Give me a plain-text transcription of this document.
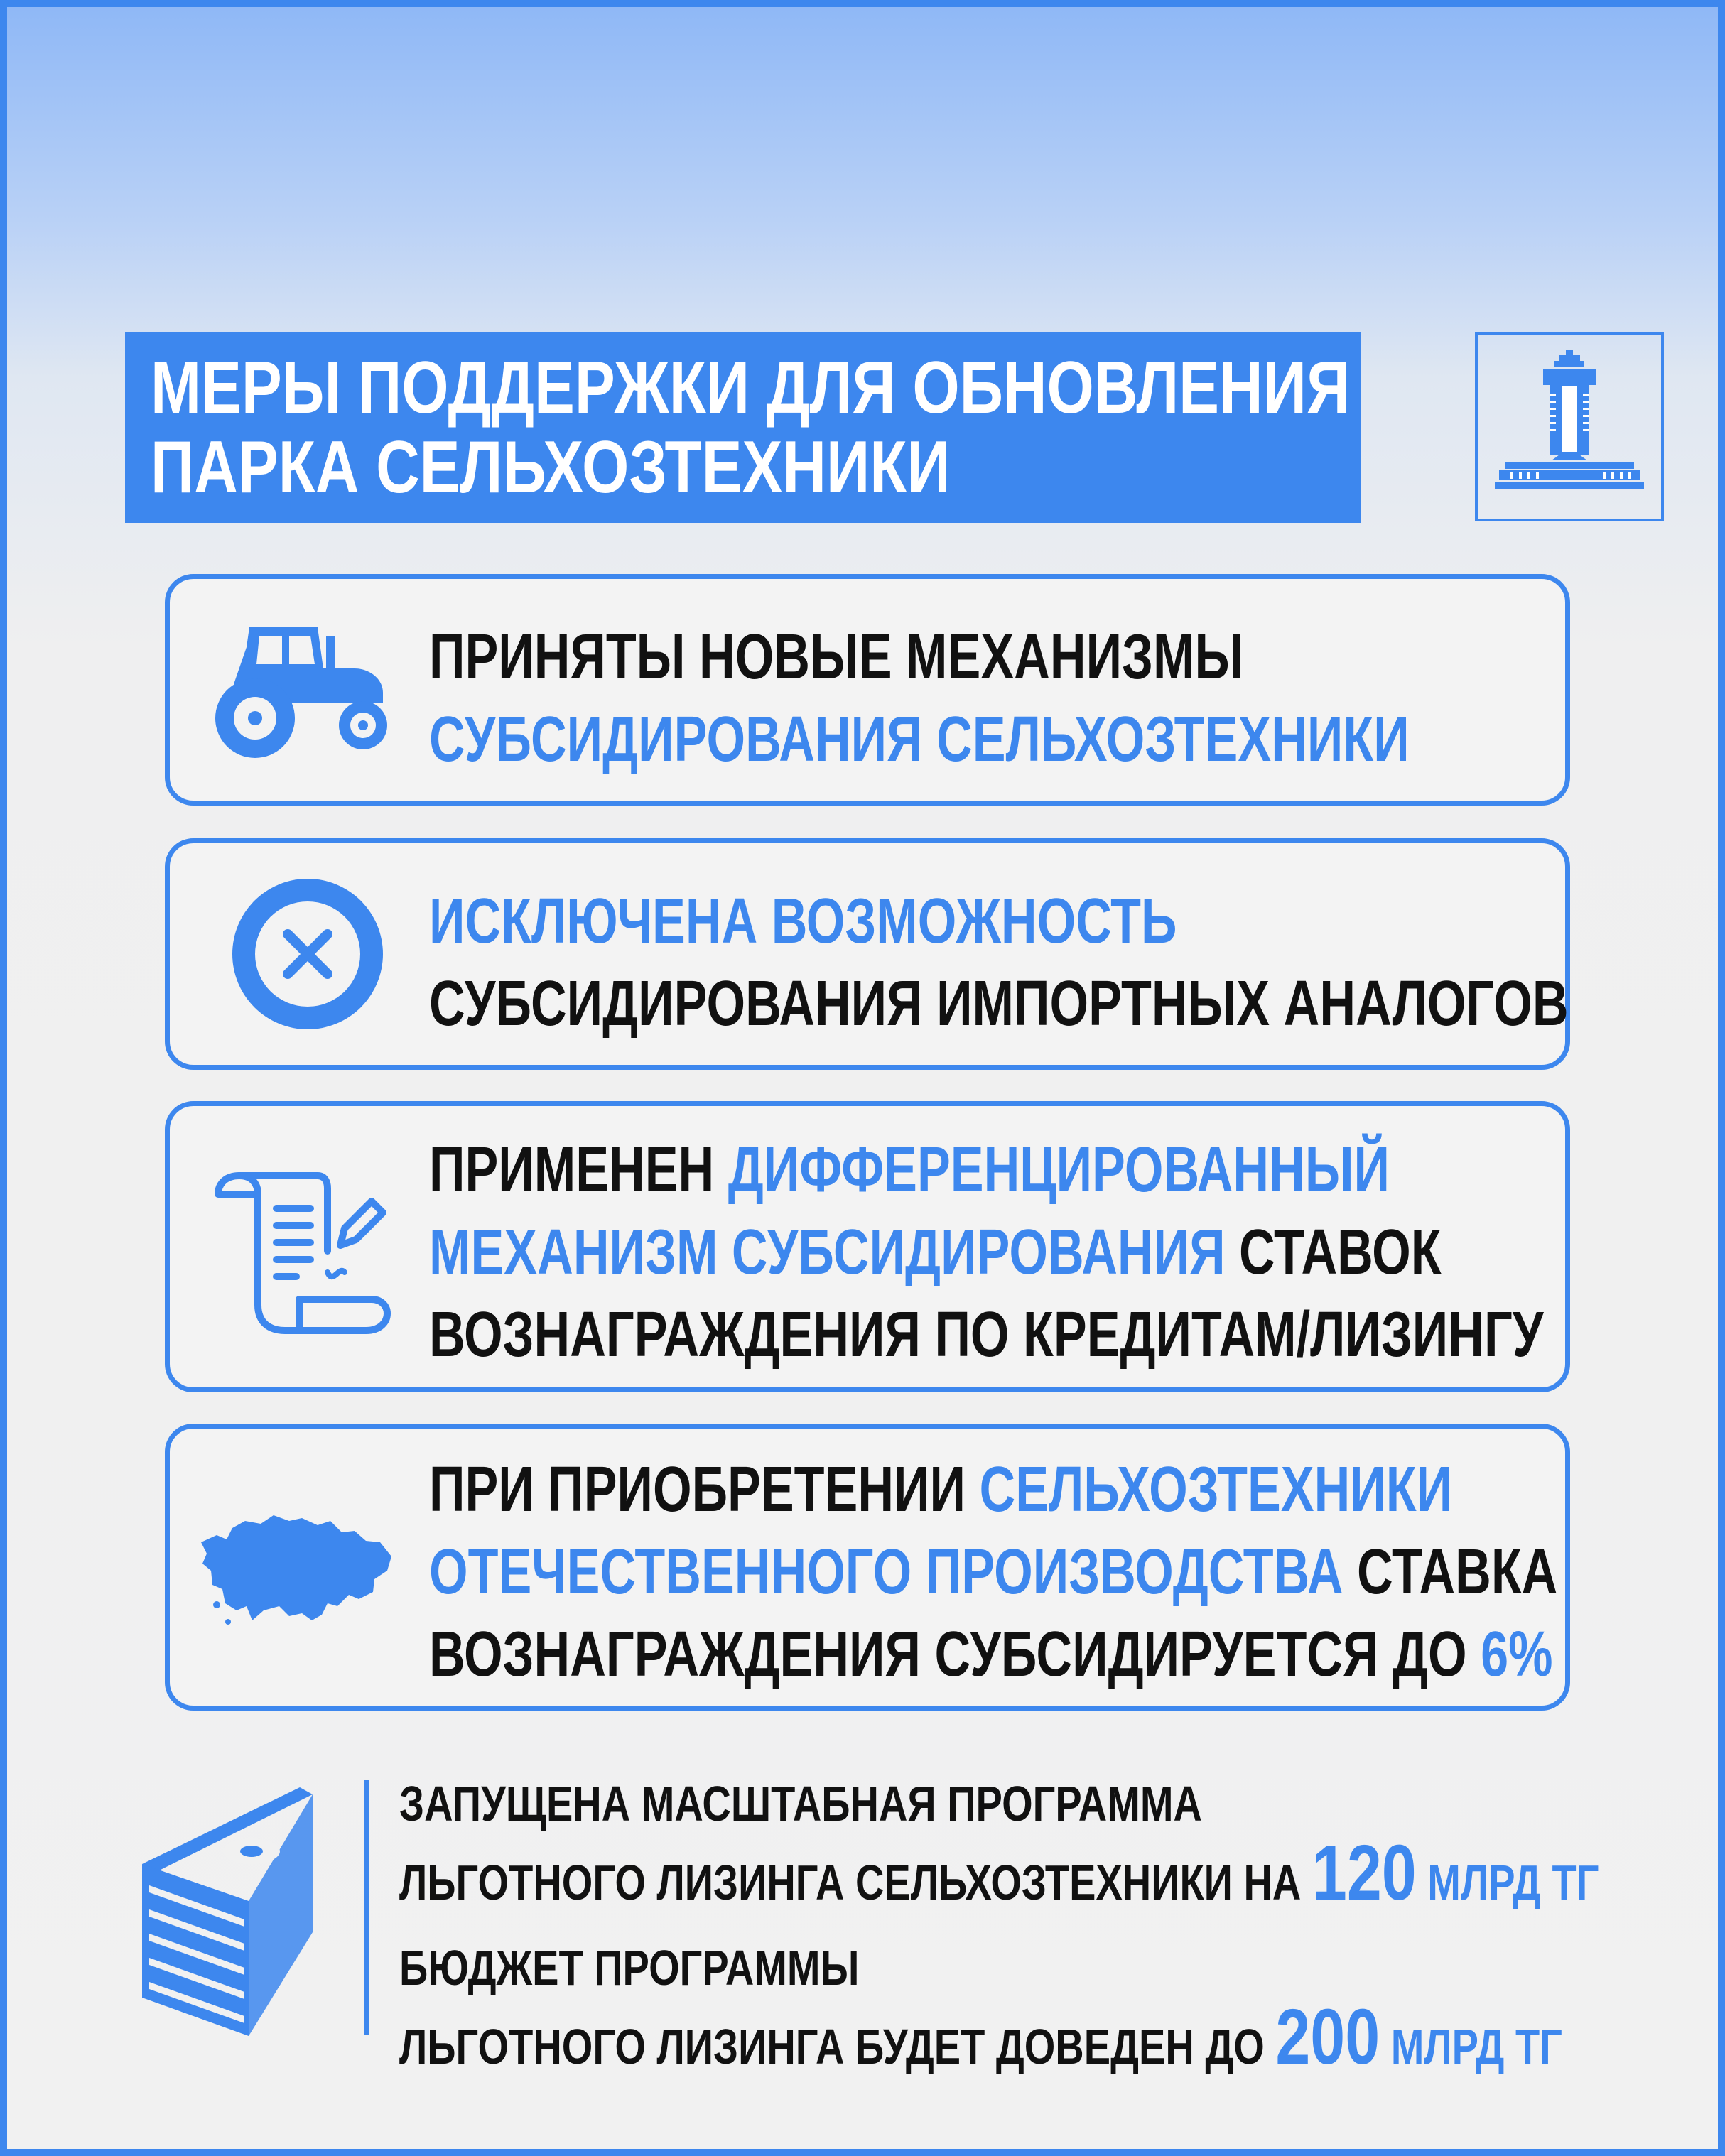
МЕРЫ ПОДДЕРЖКИ ДЛЯ ОБНОВЛЕНИЯ
ПАРКА СЕЛЬХОЗТЕХНИКИ
ПРИНЯТЫ НОВЫЕ МЕХАНИЗМЫ
СУБСИДИРОВАНИЯ СЕЛЬХОЗТЕХНИКИ
ИСКЛЮЧЕНА ВОЗМОЖНОСТЬ
СУБСИДИРОВАНИЯ ИМПОРТНЫХ АНАЛОГОВ
ПРИМЕНЕН ДИФФЕРЕНЦИРОВАННЫЙ
МЕХАНИЗМ СУБСИДИРОВАНИЯ СТАВОК
ВОЗНАГРАЖДЕНИЯ ПО КРЕДИТАМ/ЛИЗИНГУ
ПРИ ПРИОБРЕТЕНИИ СЕЛЬХОЗТЕХНИКИ
ОТЕЧЕСТВЕННОГО ПРОИЗВОДСТВА СТАВКА
ВОЗНАГРАЖДЕНИЯ СУБСИДИРУЕТСЯ ДО 6%
ЗАПУЩЕНА МАСШТАБНАЯ ПРОГРАММА
ЛЬГОТНОГО ЛИЗИНГА СЕЛЬХОЗТЕХНИКИ НА 120 МЛРД ТГ
БЮДЖЕТ ПРОГРАММЫ
ЛЬГОТНОГО ЛИЗИНГА БУДЕТ ДОВЕДЕН ДО 200 МЛРД ТГ
